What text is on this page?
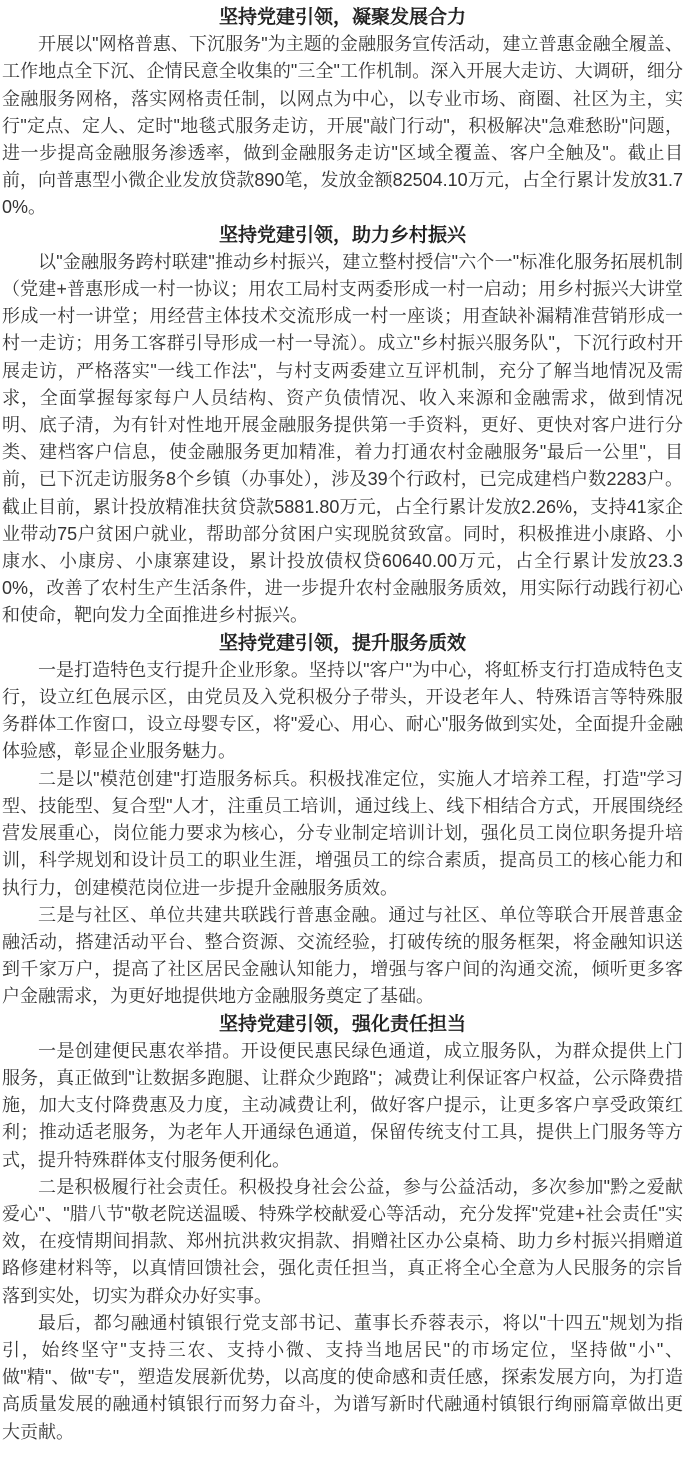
坚持党建引领，凝聚发展合力

开展以"网格普惠、下沉服务"为主题的金融服务宣传活动，建立普惠金融全履盖、工作地点全下沉、企情民意全收集的"三全"工作机制。深入开展大走访、大调研，细分金融服务网格，落实网格责任制，以网点为中心，以专业市场、商圈、社区为主，实行"定点、定人、定时"地毯式服务走访，开展"敲门行动"，积极解决"急难愁盼"问题，进一步提高金融服务渗透率，做到金融服务走访"区域全覆盖、客户全触及"。截止目前，向普惠型小微企业发放贷款890笔，发放金额82504.10万元，占全行累计发放31.70%。

坚持党建引领，助力乡村振兴

以"金融服务跨村联建"推动乡村振兴，建立整村授信"六个一"标准化服务拓展机制（党建+普惠形成一村一协议；用农工局村支两委形成一村一启动；用乡村振兴大讲堂形成一村一讲堂；用经营主体技术交流形成一村一座谈；用查缺补漏精准营销形成一村一走访；用务工客群引导形成一村一导流）。成立"乡村振兴服务队"，下沉行政村开展走访，严格落实"一线工作法"，与村支两委建立互评机制，充分了解当地情况及需求，全面掌握每家每户人员结构、资产负债情况、收入来源和金融需求，做到情况明、底子清，为有针对性地开展金融服务提供第一手资料，更好、更快对客户进行分类、建档客户信息，使金融服务更加精准，着力打通农村金融服务"最后一公里"，目前，已下沉走访服务8个乡镇（办事处），涉及39个行政村，已完成建档户数2283户。截止目前，累计投放精准扶贫贷款5881.80万元，占全行累计发放2.26%，支持41家企业带动75户贫困户就业，帮助部分贫困户实现脱贫致富。同时，积极推进小康路、小康水、小康房、小康寨建设，累计投放债权贷60640.00万元，占全行累计发放23.30%，改善了农村生产生活条件，进一步提升农村金融服务质效，用实际行动践行初心和使命，靶向发力全面推进乡村振兴。

坚持党建引领，提升服务质效

一是打造特色支行提升企业形象。坚持以"客户"为中心，将虹桥支行打造成特色支行，设立红色展示区，由党员及入党积极分子带头，开设老年人、特殊语言等特殊服务群体工作窗口，设立母婴专区，将"爱心、用心、耐心"服务做到实处，全面提升金融体验感，彰显企业服务魅力。

二是以"模范创建"打造服务标兵。积极找准定位，实施人才培养工程，打造"学习型、技能型、复合型"人才，注重员工培训，通过线上、线下相结合方式，开展围绕经营发展重心，岗位能力要求为核心，分专业制定培训计划，强化员工岗位职务提升培训，科学规划和设计员工的职业生涯，增强员工的综合素质，提高员工的核心能力和执行力，创建模范岗位进一步提升金融服务质效。

三是与社区、单位共建共联践行普惠金融。通过与社区、单位等联合开展普惠金融活动，搭建活动平台、整合资源、交流经验，打破传统的服务框架，将金融知识送到千家万户，提高了社区居民金融认知能力，增强与客户间的沟通交流，倾听更多客户金融需求，为更好地提供地方金融服务奠定了基础。

坚持党建引领，强化责任担当

一是创建便民惠农举措。开设便民惠民绿色通道，成立服务队，为群众提供上门服务，真正做到"让数据多跑腿、让群众少跑路"；减费让利保证客户权益，公示降费措施，加大支付降费惠及力度，主动减费让利，做好客户提示，让更多客户享受政策红利；推动适老服务，为老年人开通绿色通道，保留传统支付工具，提供上门服务等方式，提升特殊群体支付服务便利化。

二是积极履行社会责任。积极投身社会公益，参与公益活动，多次参加"黔之爱献爱心"、"腊八节"敬老院送温暖、特殊学校献爱心等活动，充分发挥"党建+社会责任"实效，在疫情期间捐款、郑州抗洪救灾捐款、捐赠社区办公桌椅、助力乡村振兴捐赠道路修建材料等，以真情回馈社会，强化责任担当，真正将全心全意为人民服务的宗旨落到实处，切实为群众办好实事。

最后，都匀融通村镇银行党支部书记、董事长乔蓉表示，将以"十四五"规划为指引，始终坚守"支持三农、支持小微、支持当地居民"的市场定位，坚持做"小"、做"精"、做"专"，塑造发展新优势，以高度的使命感和责任感，探索发展方向，为打造高质量发展的融通村镇银行而努力奋斗，为谱写新时代融通村镇银行绚丽篇章做出更大贡献。
